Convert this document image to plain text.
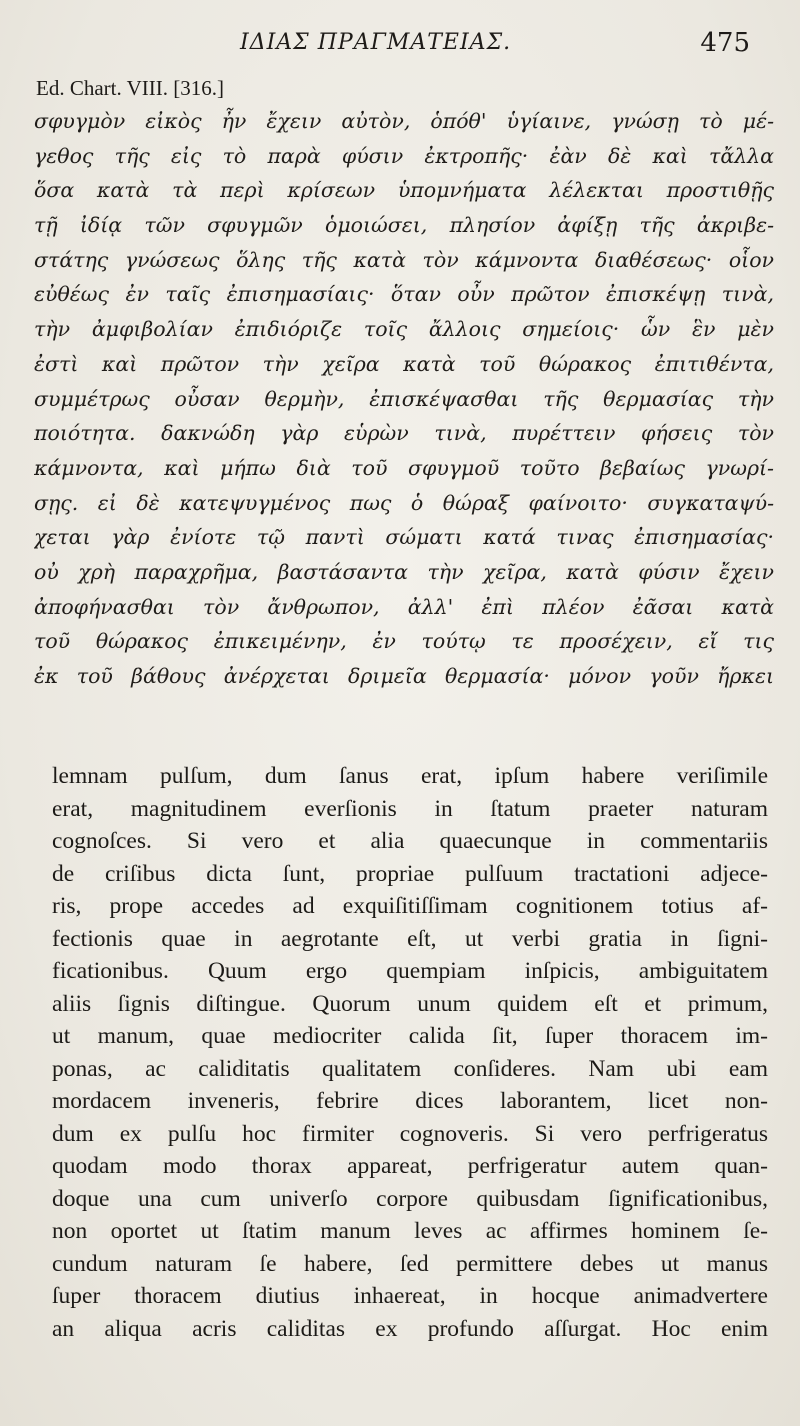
ΙΔΙΑΣ ΠΡΑΓΜΑΤΕΙΑΣ.	475
Ed. Chart. VIII. [316.]
σφυγμὸν εἰκὸς ἦν ἔχειν αὐτὸν, ὁπόθ' ὑγίαινε, γνώσῃ τὸ μέ-
γεθος τῆς εἰς τὸ παρὰ φύσιν ἐκτροπῆς· ἐὰν δὲ καὶ τἄλλα
ὅσα κατὰ τὰ περὶ κρίσεων ὑπομνήματα λέλεκται προστιθῇς
τῇ ἰδίᾳ τῶν σφυγμῶν ὁμοιώσει, πλησίον ἀφίξῃ τῆς ἀκριβε-
στάτης γνώσεως ὅλης τῆς κατὰ τὸν κάμνοντα διαθέσεως· οἷον
εὐθέως ἐν ταῖς ἐπισημασίαις· ὅταν οὖν πρῶτον ἐπισκέψῃ τινὰ,
τὴν ἀμφιβολίαν ἐπιδιόριζε τοῖς ἄλλοις σημείοις· ὧν ἓν μὲν
ἐστὶ καὶ πρῶτον τὴν χεῖρα κατὰ τοῦ θώρακος ἐπιτιθέντα,
συμμέτρως οὖσαν θερμὴν, ἐπισκέψασθαι τῆς θερμασίας τὴν
ποιότητα. δακνώδη γὰρ εὑρὼν τινὰ, πυρέττειν φήσεις τὸν
κάμνοντα, καὶ μήπω διὰ τοῦ σφυγμοῦ τοῦτο βεβαίως γνωρί-
σῃς. εἰ δὲ κατεψυγμένος πως ὁ θώραξ φαίνοιτο· συγκαταψύ-
χεται γὰρ ἐνίοτε τῷ παντὶ σώματι κατά τινας ἐπισημασίας·
οὐ χρὴ παραχρῆμα, βαστάσαντα τὴν χεῖρα, κατὰ φύσιν ἔχειν
ἀποφήνασθαι τὸν ἄνθρωπον, ἀλλ' ἐπὶ πλέον ἐᾶσαι κατὰ
τοῦ θώρακος ἐπικειμένην, ἐν τούτῳ τε προσέχειν, εἴ τις
ἐκ τοῦ βάθους ἀνέρχεται δριμεῖα θερμασία· μόνον γοῦν ἤρκει
lemnam pulſum, dum ſanus erat, ipſum habere veriſimile
erat, magnitudinem everſionis in ſtatum praeter naturam
cognoſces. Si vero et alia quaecunque in commentariis
de criſibus dicta ſunt, propriae pulſuum tractationi adjece-
ris, prope accedes ad exquiſitiſſimam cognitionem totius af-
fectionis quae in aegrotante eſt, ut verbi gratia in ſigni-
ficationibus. Quum ergo quempiam inſpicis, ambiguitatem
aliis ſignis diſtingue. Quorum unum quidem eſt et primum,
ut manum, quae mediocriter calida ſit, ſuper thoracem im-
ponas, ac caliditatis qualitatem conſideres. Nam ubi eam
mordacem inveneris, febrire dices laborantem, licet non-
dum ex pulſu hoc firmiter cognoveris. Si vero perfrigeratus
quodam modo thorax appareat, perfrigeratur autem quan-
doque una cum univerſo corpore quibusdam ſignificationibus,
non oportet ut ſtatim manum leves ac affirmes hominem ſe-
cundum naturam ſe habere, ſed permittere debes ut manus
ſuper thoracem diutius inhaereat, in hocque animadvertere
an aliqua acris caliditas ex profundo aſſurgat. Hoc enim
